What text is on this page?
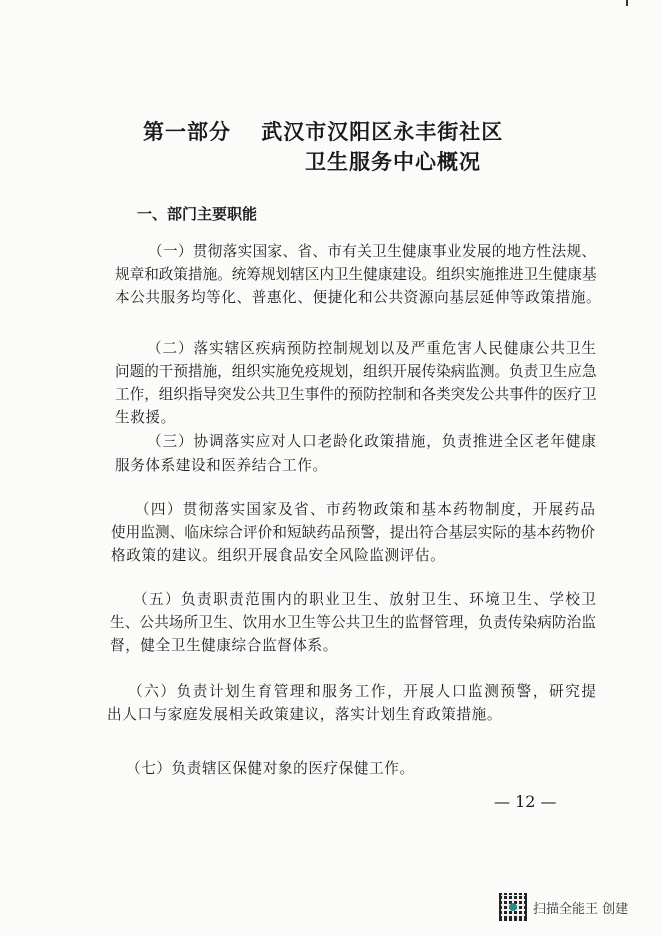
第一部分　 武汉市汉阳区永丰街社区
卫生服务中心概况
一、部门主要职能
（一）贯彻落实国家、省、市有关卫生健康事业发展的地方性法规、
规章和政策措施。统筹规划辖区内卫生健康建设。组织实施推进卫生健康基
本公共服务均等化、普惠化、便捷化和公共资源向基层延伸等政策措施。
（二）落实辖区疾病预防控制规划以及严重危害人民健康公共卫生
问题的干预措施，组织实施免疫规划，组织开展传染病监测。负责卫生应急
工作，组织指导突发公共卫生事件的预防控制和各类突发公共事件的医疗卫
生救援。
（三）协调落实应对人口老龄化政策措施，负责推进全区老年健康
服务体系建设和医养结合工作。
（四）贯彻落实国家及省、市药物政策和基本药物制度，开展药品
使用监测、临床综合评价和短缺药品预警，提出符合基层实际的基本药物价
格政策的建议。组织开展食品安全风险监测评估。
（五）负责职责范围内的职业卫生、放射卫生、环境卫生、学校卫
生、公共场所卫生、饮用水卫生等公共卫生的监督管理，负责传染病防治监
督，健全卫生健康综合监督体系。
（六）负责计划生育管理和服务工作，开展人口监测预警，研究提
出人口与家庭发展相关政策建议，落实计划生育政策措施。
（七）负责辖区保健对象的医疗保健工作。
— 12 —
扫描全能王 创建
